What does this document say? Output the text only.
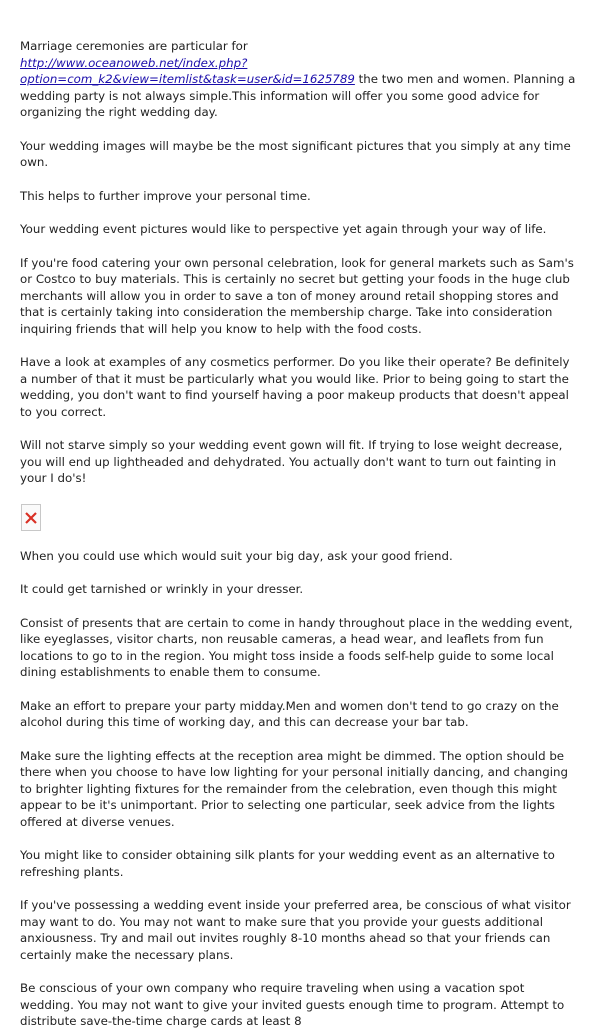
Marriage ceremonies are particular for
http://www.oceanoweb.net/index.php?option=com_k2&view=itemlist&task=user&id=1625789 the two men and women. Planning a wedding party is not always simple.This information will offer you some good advice for organizing the right wedding day.

Your wedding images will maybe be the most significant pictures that you simply at any time own.

This helps to further improve your personal time.

Your wedding event pictures would like to perspective yet again through your way of life.

If you're food catering your own personal celebration, look for general markets such as Sam's or Costco to buy materials. This is certainly no secret but getting your foods in the huge club merchants will allow you in order to save a ton of money around retail shopping stores and that is certainly taking into consideration the membership charge. Take into consideration inquiring friends that will help you know to help with the food costs.

Have a look at examples of any cosmetics performer. Do you like their operate? Be definitely a number of that it must be particularly what you would like. Prior to being going to start the wedding, you don't want to find yourself having a poor makeup products that doesn't appeal to you correct.

Will not starve simply so your wedding event gown will fit. If trying to lose weight decrease, you will end up lightheaded and dehydrated. You actually don't want to turn out fainting in your I do's!

When you could use which would suit your big day, ask your good friend.

It could get tarnished or wrinkly in your dresser.

Consist of presents that are certain to come in handy throughout place in the wedding event, like eyeglasses, visitor charts, non reusable cameras, a head wear, and leaflets from fun locations to go to in the region. You might toss inside a foods self-help guide to some local dining establishments to enable them to consume.

Make an effort to prepare your party midday.Men and women don't tend to go crazy on the alcohol during this time of working day, and this can decrease your bar tab.

Make sure the lighting effects at the reception area might be dimmed. The option should be there when you choose to have low lighting for your personal initially dancing, and changing to brighter lighting fixtures for the remainder from the celebration, even though this might appear to be it's unimportant. Prior to selecting one particular, seek advice from the lights offered at diverse venues.

You might like to consider obtaining silk plants for your wedding event as an alternative to refreshing plants.

If you've possessing a wedding event inside your preferred area, be conscious of what visitor may want to do. You may not want to make sure that you provide your guests additional anxiousness. Try and mail out invites roughly 8-10 months ahead so that your friends can certainly make the necessary plans.

Be conscious of your own company who require traveling when using a vacation spot wedding. You may not want to give your invited guests enough time to program. Attempt to distribute save-the-time charge cards at least 8
